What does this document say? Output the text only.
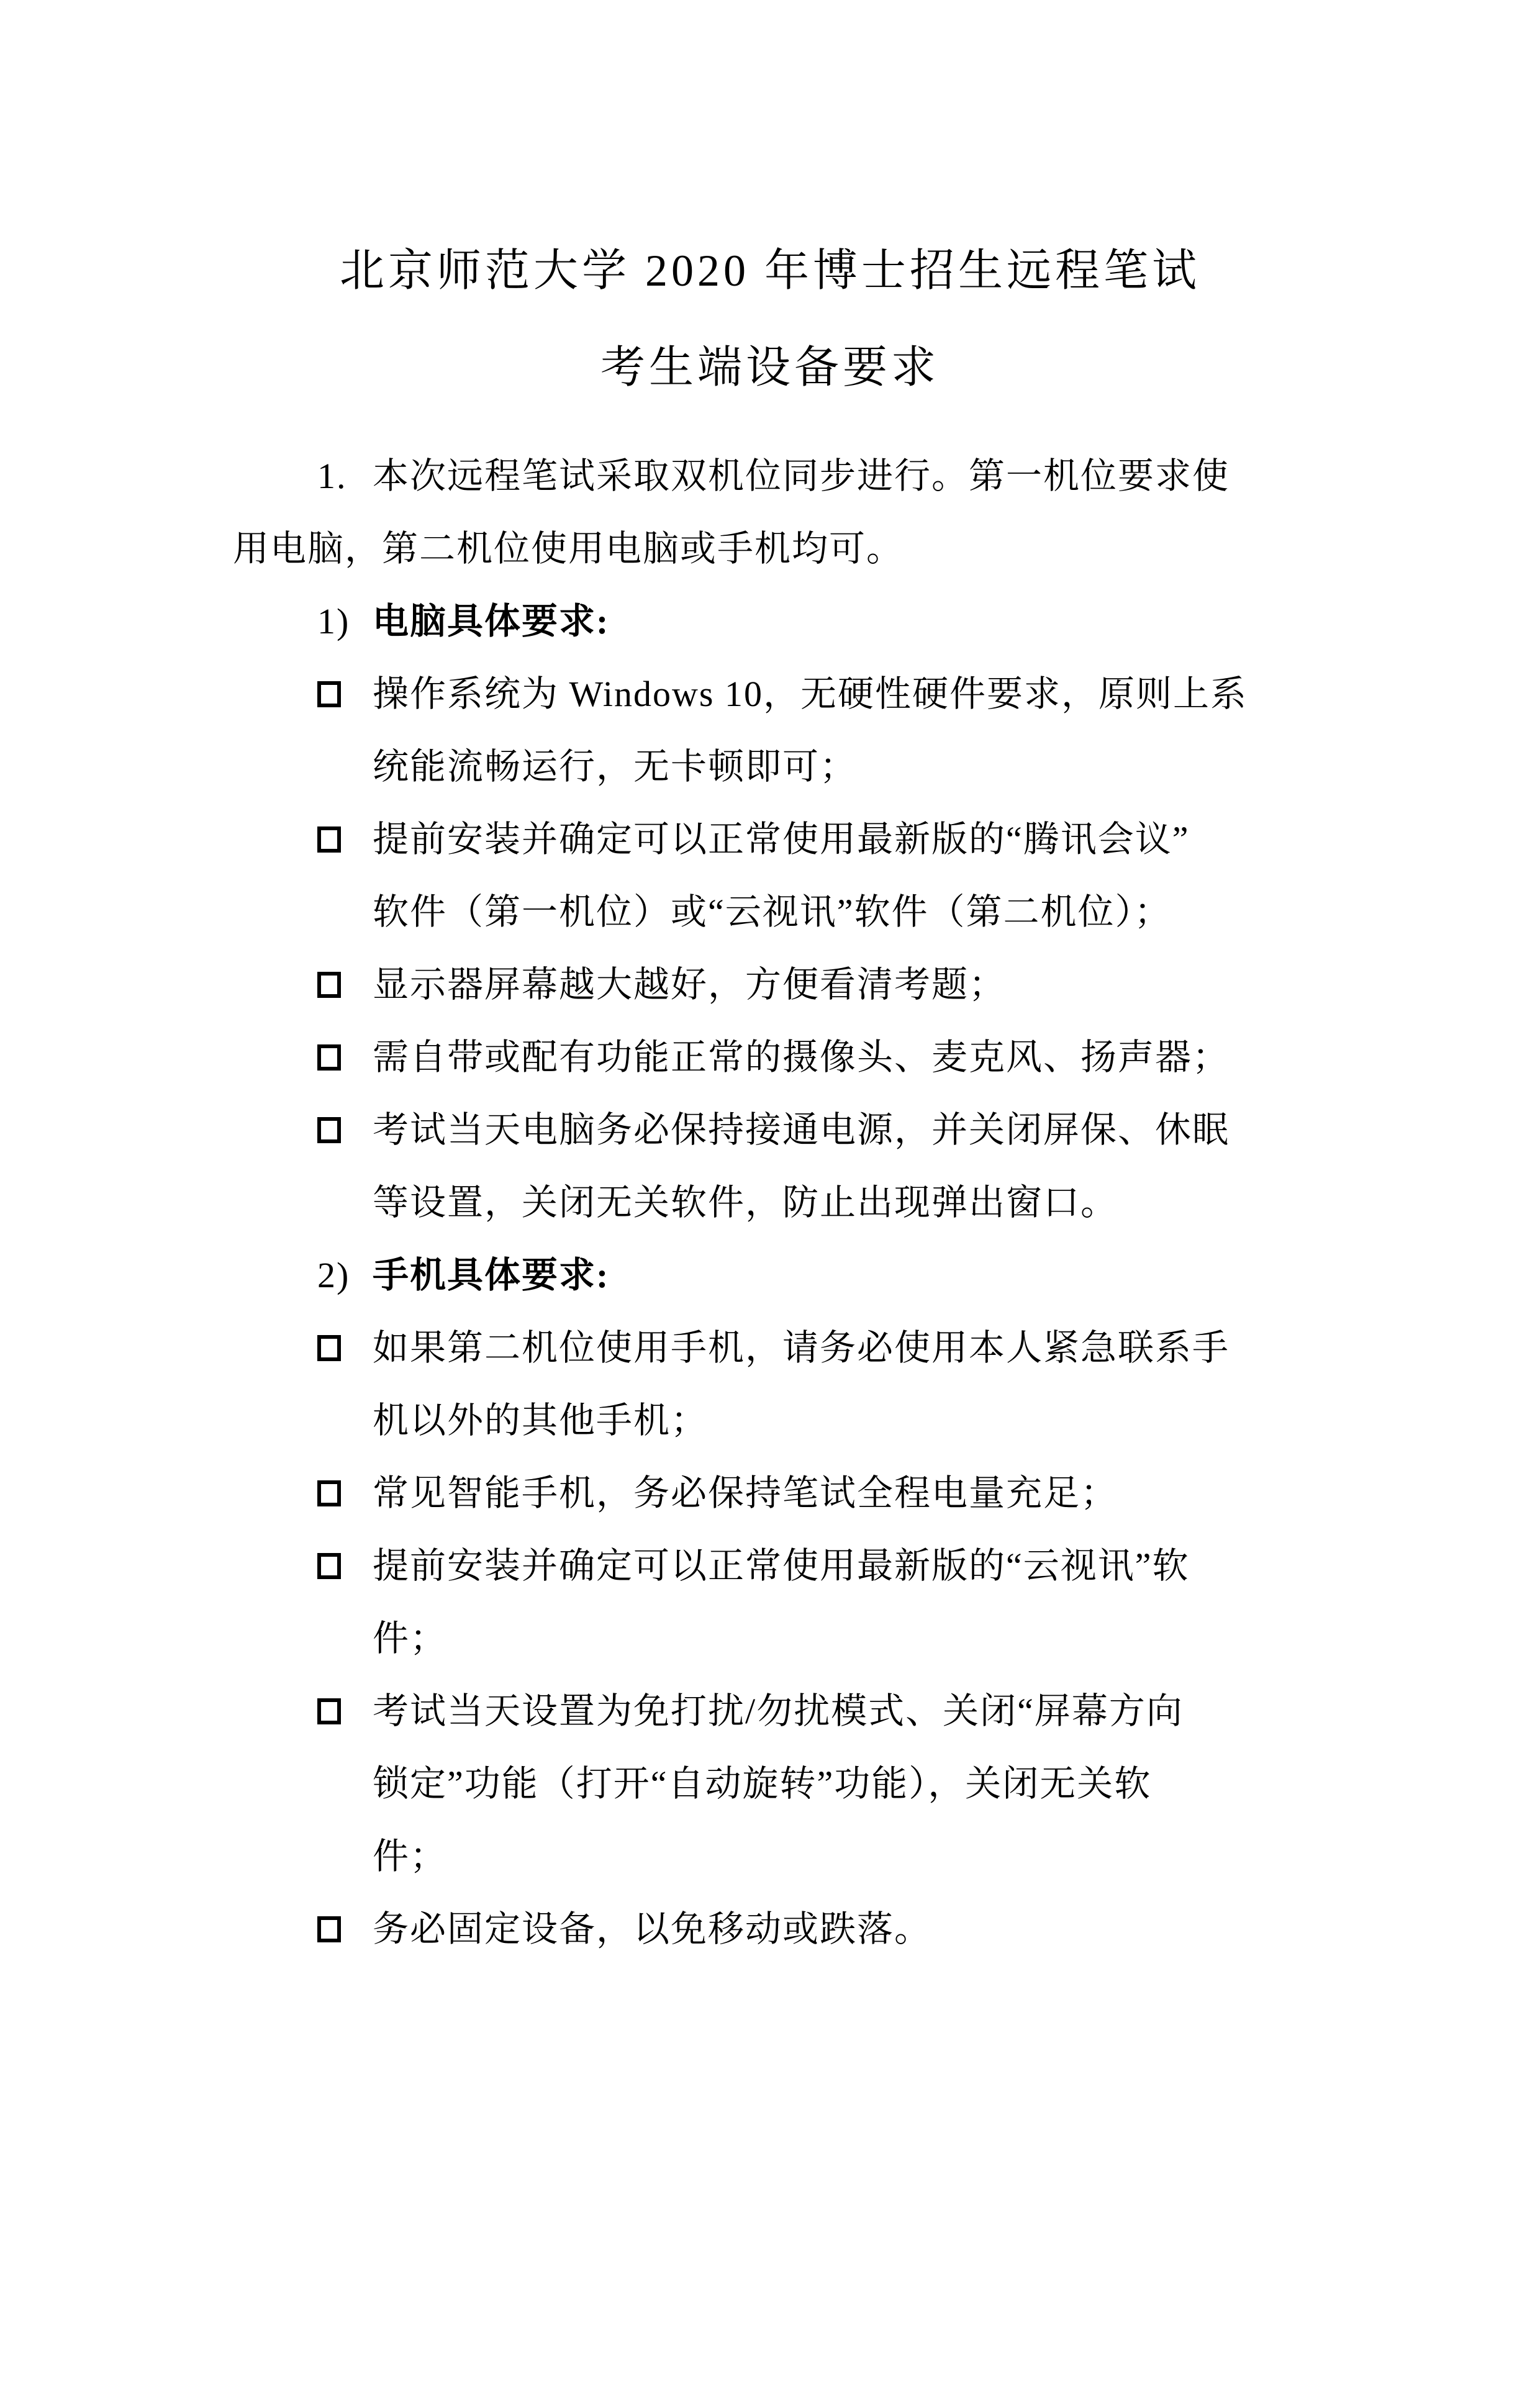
北京师范大学 2020 年博士招生远程笔试
考生端设备要求
1. 本次远程笔试采取双机位同步进行。第一机位要求使
用电脑，第二机位使用电脑或手机均可。
1) 电脑具体要求:
操作系统为 Windows 10，无硬性硬件要求，原则上系
统能流畅运行，无卡顿即可；
提前安装并确定可以正常使用最新版的“腾讯会议”
软件（第一机位）或“云视讯”软件（第二机位）；
显示器屏幕越大越好，方便看清考题；
需自带或配有功能正常的摄像头、麦克风、扬声器；
考试当天电脑务必保持接通电源，并关闭屏保、休眠
等设置，关闭无关软件，防止出现弹出窗口。
2) 手机具体要求:
如果第二机位使用手机，请务必使用本人紧急联系手
机以外的其他手机；
常见智能手机，务必保持笔试全程电量充足；
提前安装并确定可以正常使用最新版的“云视讯”软
件；
考试当天设置为免打扰/勿扰模式、关闭“屏幕方向
锁定”功能（打开“自动旋转”功能），关闭无关软
件；
务必固定设备，以免移动或跌落。
